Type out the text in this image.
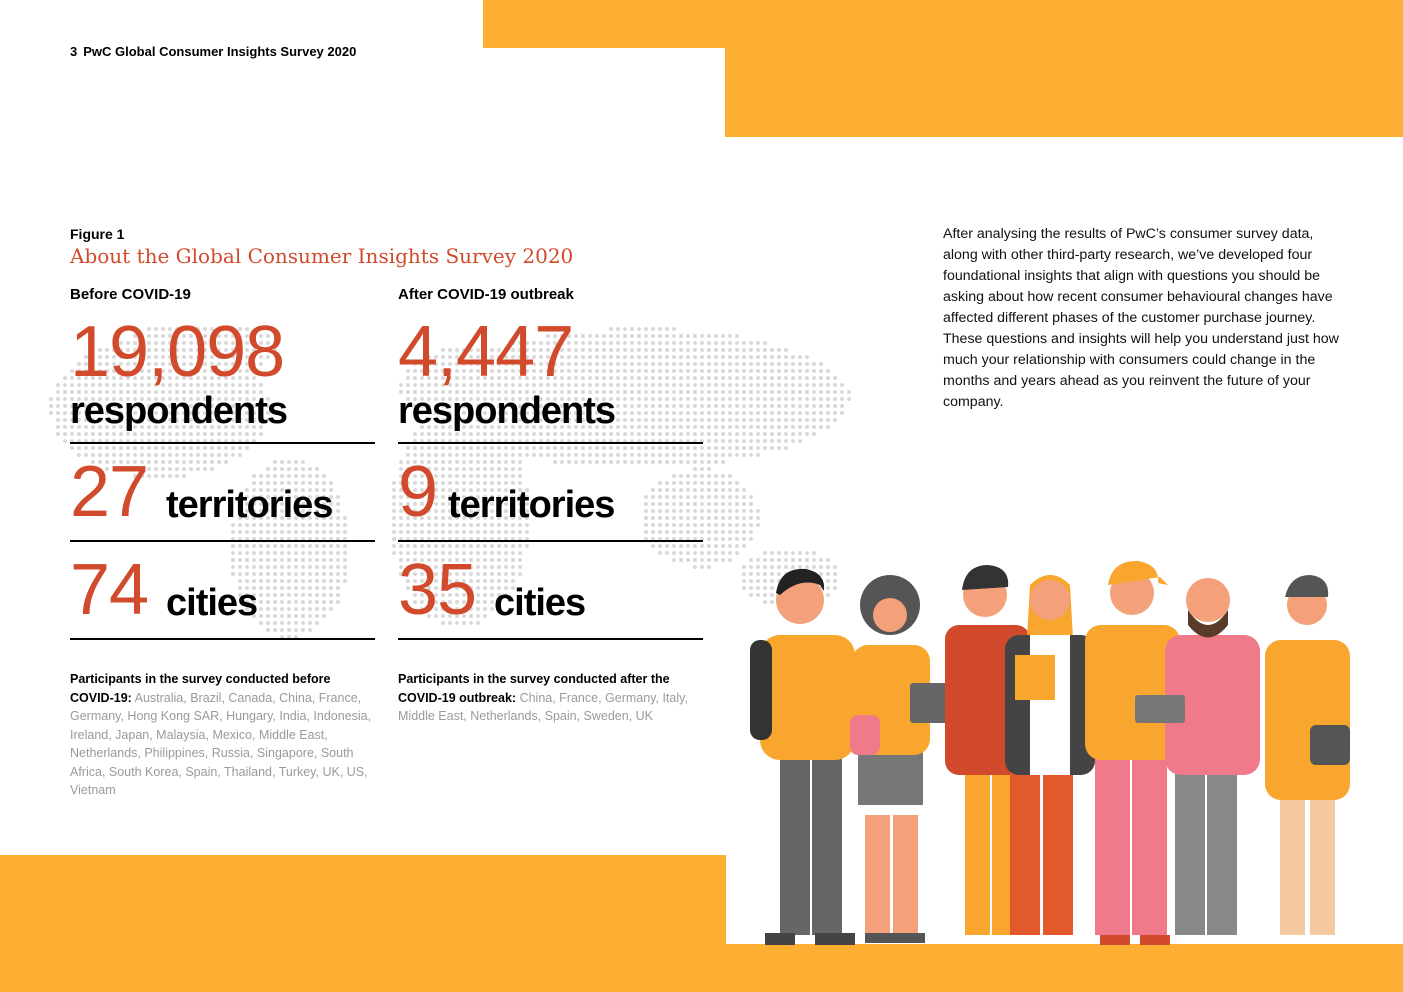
3 PwC Global Consumer Insights Survey 2020
Figure 1
About the Global Consumer Insights Survey 2020
Before COVID-19
19,098
respondents
27 territories
74 cities
Participants in the survey conducted before COVID-19: Australia, Brazil, Canada, China, France, Germany, Hong Kong SAR, Hungary, India, Indonesia, Ireland, Japan, Malaysia, Mexico, Middle East, Netherlands, Philippines, Russia, Singapore, South Africa, South Korea, Spain, Thailand, Turkey, UK, US, Vietnam
After COVID-19 outbreak
4,447
respondents
9 territories
35 cities
Participants in the survey conducted after the COVID-19 outbreak: China, France, Germany, Italy, Middle East, Netherlands, Spain, Sweden, UK
After analysing the results of PwC’s consumer survey data, along with other third-party research, we’ve developed four foundational insights that align with questions you should be asking about how recent consumer behavioural changes have affected different phases of the customer purchase journey. These questions and insights will help you understand just how much your relationship with consumers could change in the months and years ahead as you reinvent the future of your company.
